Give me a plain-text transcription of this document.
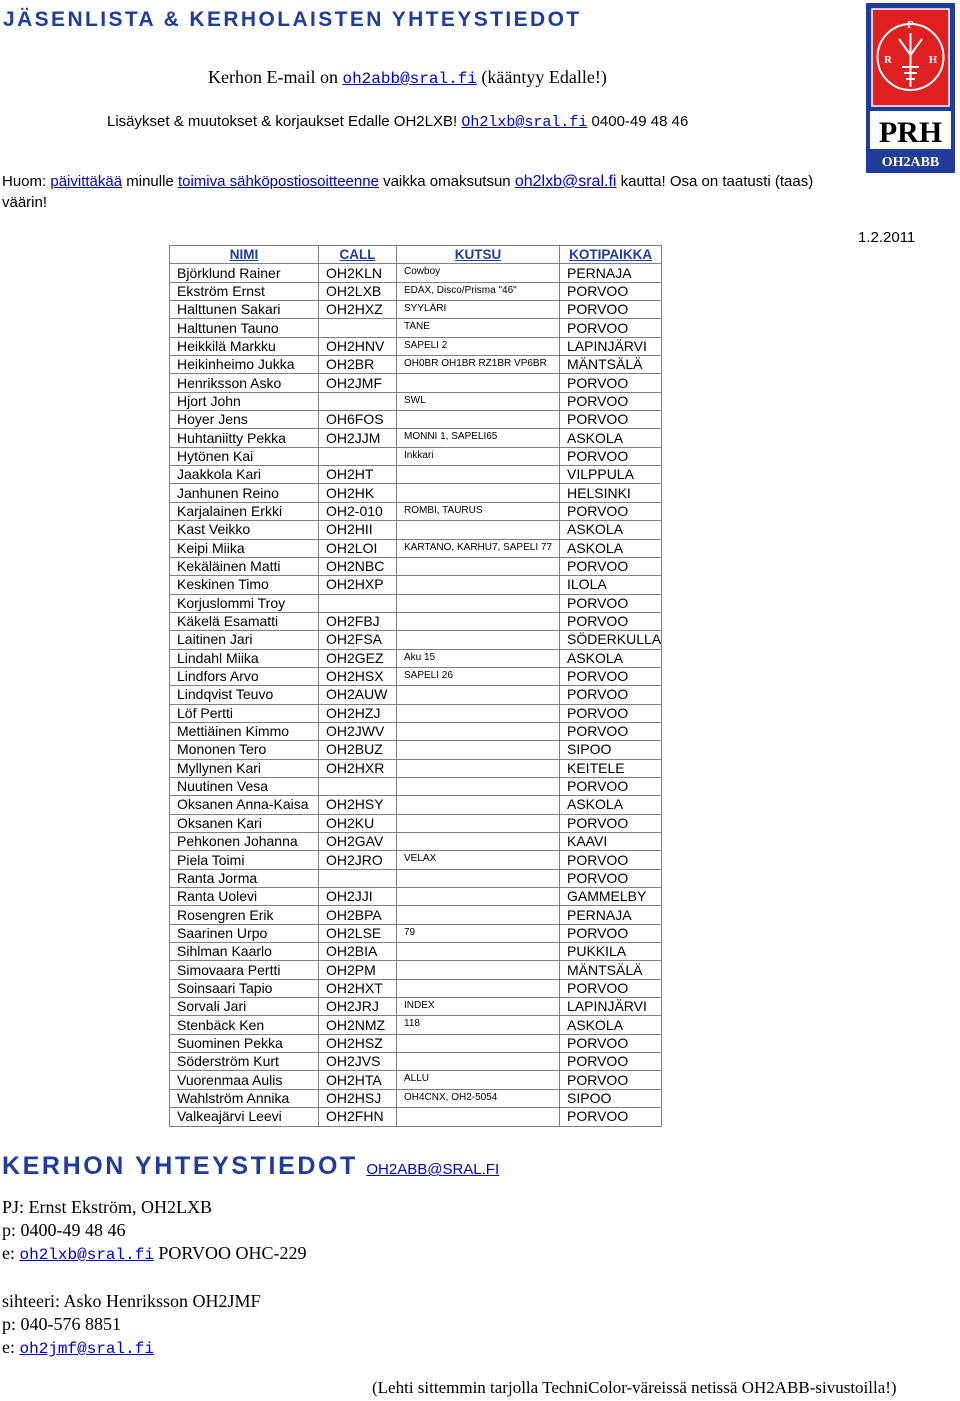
JÄSENLISTA & KERHOLAISTEN YHTEYSTIEDOT
Kerhon E-mail on oh2abb@sral.fi (kääntyy Edalle!)
Lisäykset & muutokset & korjaukset Edalle OH2LXB! Oh2lxb@sral.fi 0400-49 48 46
Huom: päivittäkää minulle toimiva sähköpostiosoitteenne vaikka omaksutsun oh2lxb@sral.fi kautta! Osa on taatusti (taas) väärin!
P
R	H
PRH
OH2ABB
1.2.2011
NIMI	CALL	KUTSU	KOTIPAIKKA
Björklund Rainer	OH2KLN	Cowboy	PERNAJA
Ekström Ernst	OH2LXB	EDAX, Disco/Prisma "46"	PORVOO
Halttunen Sakari	OH2HXZ	SYYLÄRI	PORVOO
Halttunen Tauno		TANE	PORVOO
Heikkilä Markku	OH2HNV	SAPELI 2	LAPINJÄRVI
Heikinheimo Jukka	OH2BR	OH0BR OH1BR RZ1BR VP6BR	MÄNTSÄLÄ
Henriksson Asko	OH2JMF		PORVOO
Hjort John		SWL	PORVOO
Hoyer Jens	OH6FOS		PORVOO
Huhtaniitty Pekka	OH2JJM	MONNI 1, SAPELI65	ASKOLA
Hytönen Kai		Inkkari	PORVOO
Jaakkola Kari	OH2HT		VILPPULA
Janhunen Reino	OH2HK		HELSINKI
Karjalainen Erkki	OH2-010	ROMBI, TAURUS	PORVOO
Kast Veikko	OH2HII		ASKOLA
Keipi Miika	OH2LOI	KARTANO, KARHU7, SAPELI 77	ASKOLA
Kekäläinen Matti	OH2NBC		PORVOO
Keskinen Timo	OH2HXP		ILOLA
Korjuslommi Troy			PORVOO
Käkelä Esamatti	OH2FBJ		PORVOO
Laitinen Jari	OH2FSA		SÖDERKULLA
Lindahl Miika	OH2GEZ	Aku 15	ASKOLA
Lindfors Arvo	OH2HSX	SAPELI 26	PORVOO
Lindqvist Teuvo	OH2AUW		PORVOO
Löf Pertti	OH2HZJ		PORVOO
Mettiäinen Kimmo	OH2JWV		PORVOO
Mononen Tero	OH2BUZ		SIPOO
Myllynen Kari	OH2HXR		KEITELE
Nuutinen Vesa			PORVOO
Oksanen Anna-Kaisa	OH2HSY		ASKOLA
Oksanen Kari	OH2KU		PORVOO
Pehkonen Johanna	OH2GAV		KAAVI
Piela Toimi	OH2JRO	VELAX	PORVOO
Ranta Jorma			PORVOO
Ranta Uolevi	OH2JJI		GAMMELBY
Rosengren Erik	OH2BPA		PERNAJA
Saarinen Urpo	OH2LSE	79	PORVOO
Sihlman Kaarlo	OH2BIA		PUKKILA
Simovaara Pertti	OH2PM		MÄNTSÄLÄ
Soinsaari Tapio	OH2HXT		PORVOO
Sorvali Jari	OH2JRJ	INDEX	LAPINJÄRVI
Stenbäck Ken	OH2NMZ	118	ASKOLA
Suominen Pekka	OH2HSZ		PORVOO
Söderström Kurt	OH2JVS		PORVOO
Vuorenmaa Aulis	OH2HTA	ALLU	PORVOO
Wahlström Annika	OH2HSJ	OH4CNX, OH2-5054	SIPOO
Valkeajärvi Leevi	OH2FHN		PORVOO
KERHON YHTEYSTIEDOT OH2ABB@SRAL.FI
PJ: Ernst Ekström, OH2LXB
p: 0400-49 48 46
e: oh2lxb@sral.fi PORVOO OHC-229
sihteeri: Asko Henriksson OH2JMF
p: 040-576 8851
e: oh2jmf@sral.fi
(Lehti sittemmin tarjolla TechniColor-väreissä netissä OH2ABB-sivustoilla!)
